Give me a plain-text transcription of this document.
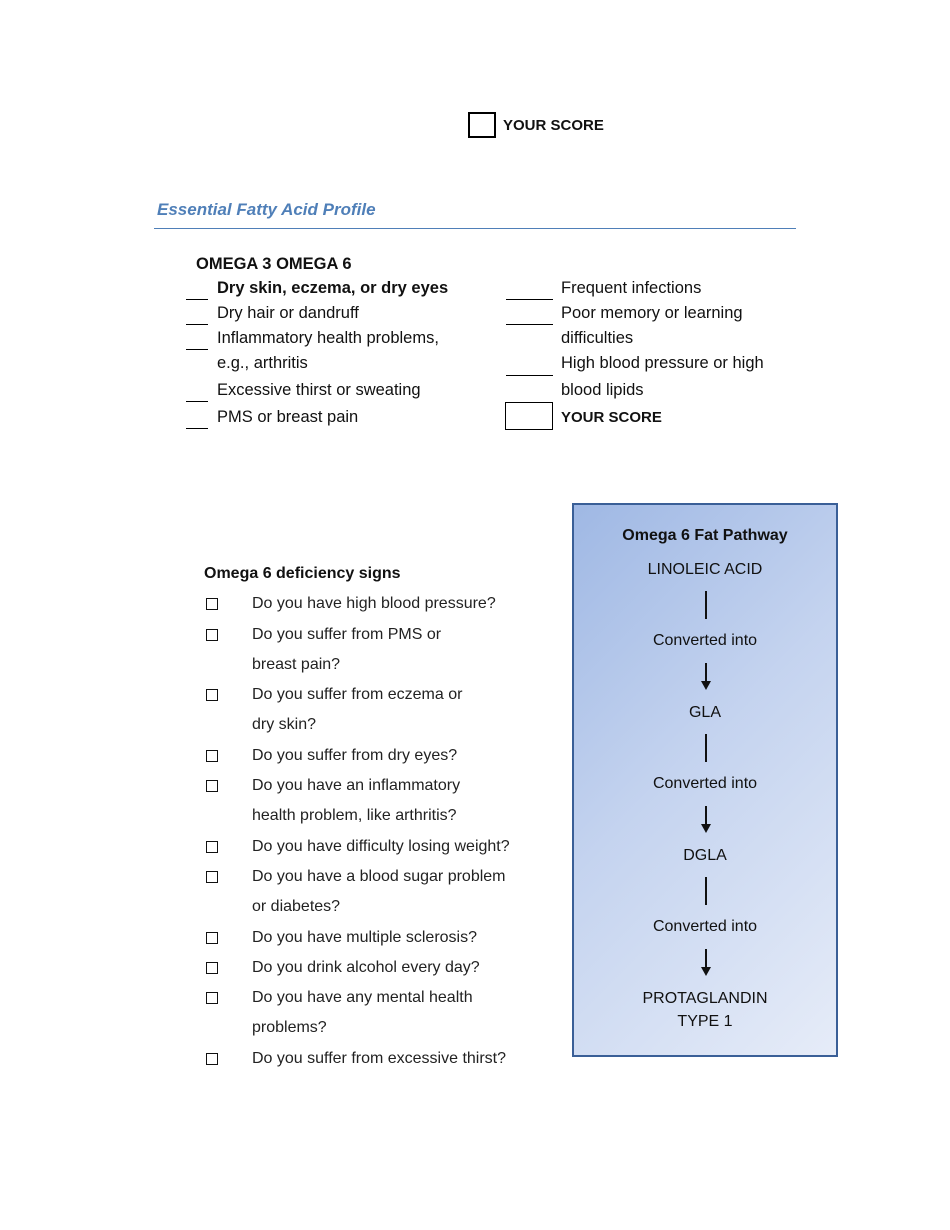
YOUR SCORE
Essential Fatty Acid Profile
OMEGA 3 OMEGA 6
Dry skin, eczema, or dry eyes
Dry hair or dandruff
Inflammatory health problems,
e.g., arthritis
Excessive thirst or sweating
PMS or breast pain
Frequent infections
Poor memory or learning
difficulties
High blood pressure or high
blood lipids
YOUR SCORE
Omega 6 deficiency signs
Do you have high blood pressure?
Do you suffer from PMS or
breast pain?
Do you suffer from eczema or
dry skin?
Do you suffer from dry eyes?
Do you have an inflammatory
health problem, like arthritis?
Do you have difficulty losing weight?
Do you have a blood sugar problem
or diabetes?
Do you have multiple sclerosis?
Do you drink alcohol every day?
Do you have any mental health
problems?
Do you suffer from excessive thirst?
Omega 6 Fat Pathway
LINOLEIC ACID
Converted into
GLA
Converted into
DGLA
Converted into
PROTAGLANDIN
TYPE 1
